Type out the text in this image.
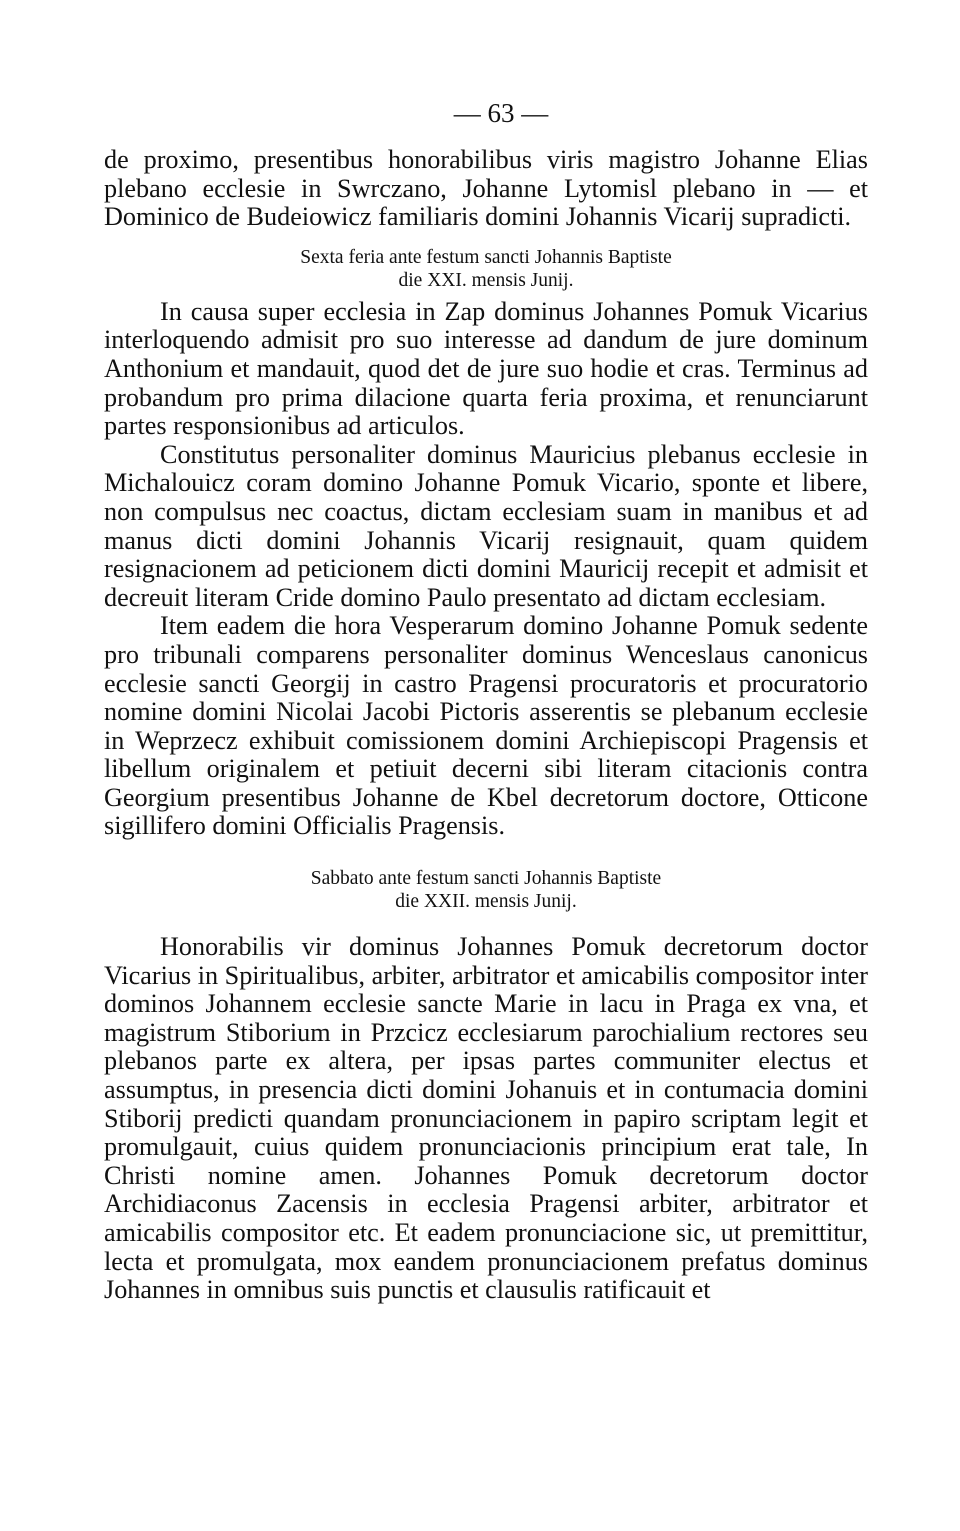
— 63 —

de proximo, presentibus honorabilibus viris magistro Johanne Elias plebano ecclesie in Swrczano, Johanne Lytomisl plebano in — et Dominico de Budeiowicz familiaris domini Johannis Vicarij supradicti.

Sexta feria ante festum sancti Johannis Baptiste
die XXI. mensis Junij.

In causa super ecclesia in Zap dominus Johannes Pomuk Vicarius interloquendo admisit pro suo interesse ad dandum de jure dominum Anthonium et mandauit, quod det de jure suo hodie et cras. Terminus ad probandum pro prima dilacione quarta feria proxima, et renunciarunt partes responsionibus ad articulos.

Constitutus personaliter dominus Mauricius plebanus ecclesie in Michalouicz coram domino Johanne Pomuk Vicario, sponte et libere, non compulsus nec coactus, dictam ecclesiam suam in manibus et ad manus dicti domini Johannis Vicarij resignauit, quam quidem resignacionem ad peticionem dicti domini Mauricij recepit et admisit et decreuit literam Cride domino Paulo presentato ad dictam ecclesiam.

Item eadem die hora Vesperarum domino Johanne Pomuk sedente pro tribunali comparens personaliter dominus Wenceslaus canonicus ecclesie sancti Georgij in castro Pragensi procuratoris et procuratorio nomine domini Nicolai Jacobi Pictoris asserentis se plebanum ecclesie in Weprzecz exhibuit comissionem domini Archiepiscopi Pragensis et libellum originalem et petiuit decerni sibi literam citacionis contra Georgium presentibus Johanne de Kbel decretorum doctore, Otticone sigillifero domini Officialis Pragensis.

Sabbato ante festum sancti Johannis Baptiste
die XXII. mensis Junij.

Honorabilis vir dominus Johannes Pomuk decretorum doctor Vicarius in Spiritualibus, arbiter, arbitrator et amicabilis compositor inter dominos Johannem ecclesie sancte Marie in lacu in Praga ex vna, et magistrum Stiborium in Przcicz ecclesiarum parochialium rectores seu plebanos parte ex altera, per ipsas partes communiter electus et assumptus, in presencia dicti domini Johanuis et in contumacia domini Stiborij predicti quandam pronunciacionem in papiro scriptam legit et promulgauit, cuius quidem pronunciacionis principium erat tale, In Christi nomine amen. Johannes Pomuk decretorum doctor Archidiaconus Zacensis in ecclesia Pragensi arbiter, arbitrator et amicabilis compositor etc. Et eadem pronunciacione sic, ut premittitur, lecta et promulgata, mox eandem pronunciacionem prefatus dominus Johannes in omnibus suis punctis et clausulis ratificauit et
